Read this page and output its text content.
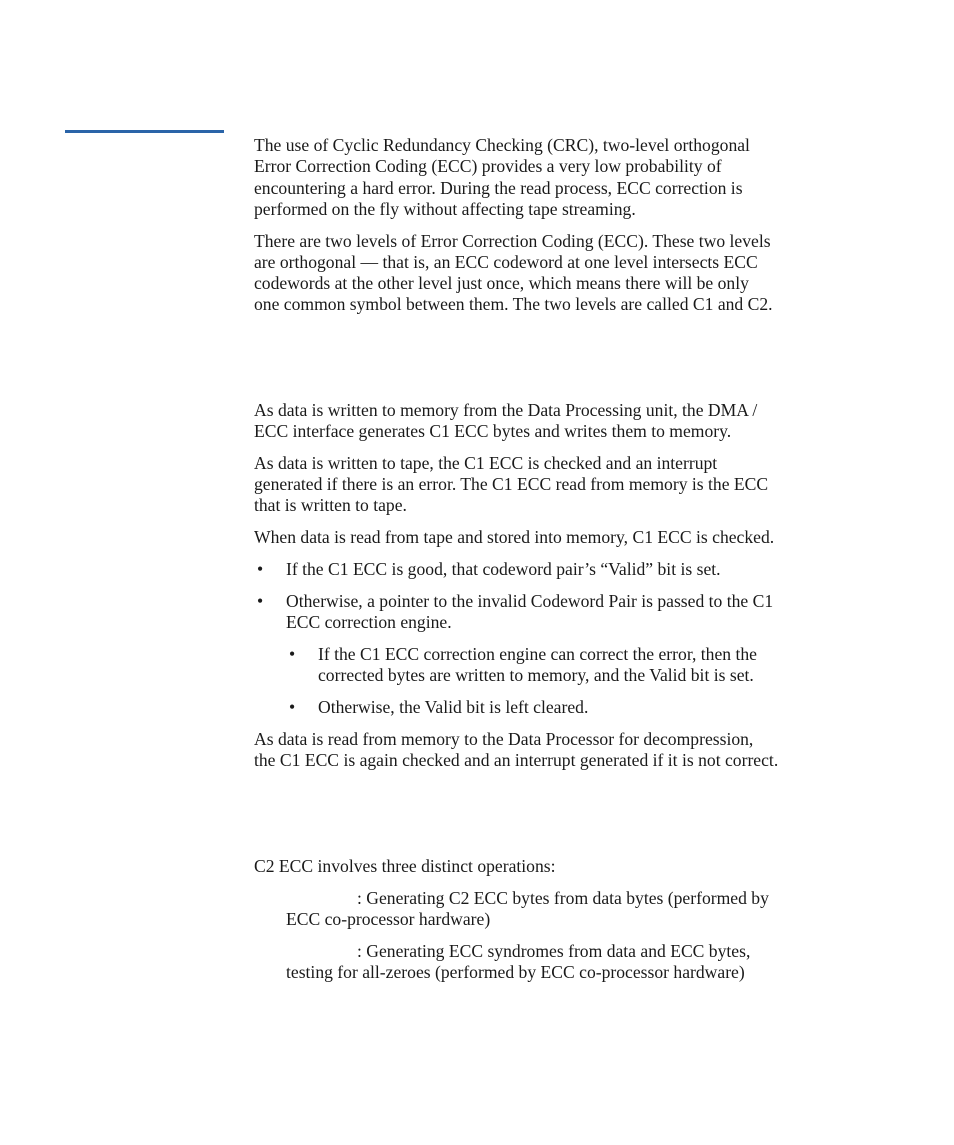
The use of Cyclic Redundancy Checking (CRC), two-level orthogonal
Error Correction Coding (ECC) provides a very low probability of
encountering a hard error. During the read process, ECC correction is
performed on the fly without affecting tape streaming.
There are two levels of Error Correction Coding (ECC). These two levels
are orthogonal — that is, an ECC codeword at one level intersects ECC
codewords at the other level just once, which means there will be only
one common symbol between them. The two levels are called C1 and C2.
As data is written to memory from the Data Processing unit, the DMA /
ECC interface generates C1 ECC bytes and writes them to memory.
As data is written to tape, the C1 ECC is checked and an interrupt
generated if there is an error. The C1 ECC read from memory is the ECC
that is written to tape.
When data is read from tape and stored into memory, C1 ECC is checked.
• If the C1 ECC is good, that codeword pair’s “Valid” bit is set.
• Otherwise, a pointer to the invalid Codeword Pair is passed to the C1
ECC correction engine.
• If the C1 ECC correction engine can correct the error, then the
corrected bytes are written to memory, and the Valid bit is set.
• Otherwise, the Valid bit is left cleared.
As data is read from memory to the Data Processor for decompression,
the C1 ECC is again checked and an interrupt generated if it is not correct.
C2 ECC involves three distinct operations:
: Generating C2 ECC bytes from data bytes (performed by
ECC co-processor hardware)
: Generating ECC syndromes from data and ECC bytes,
testing for all-zeroes (performed by ECC co-processor hardware)
